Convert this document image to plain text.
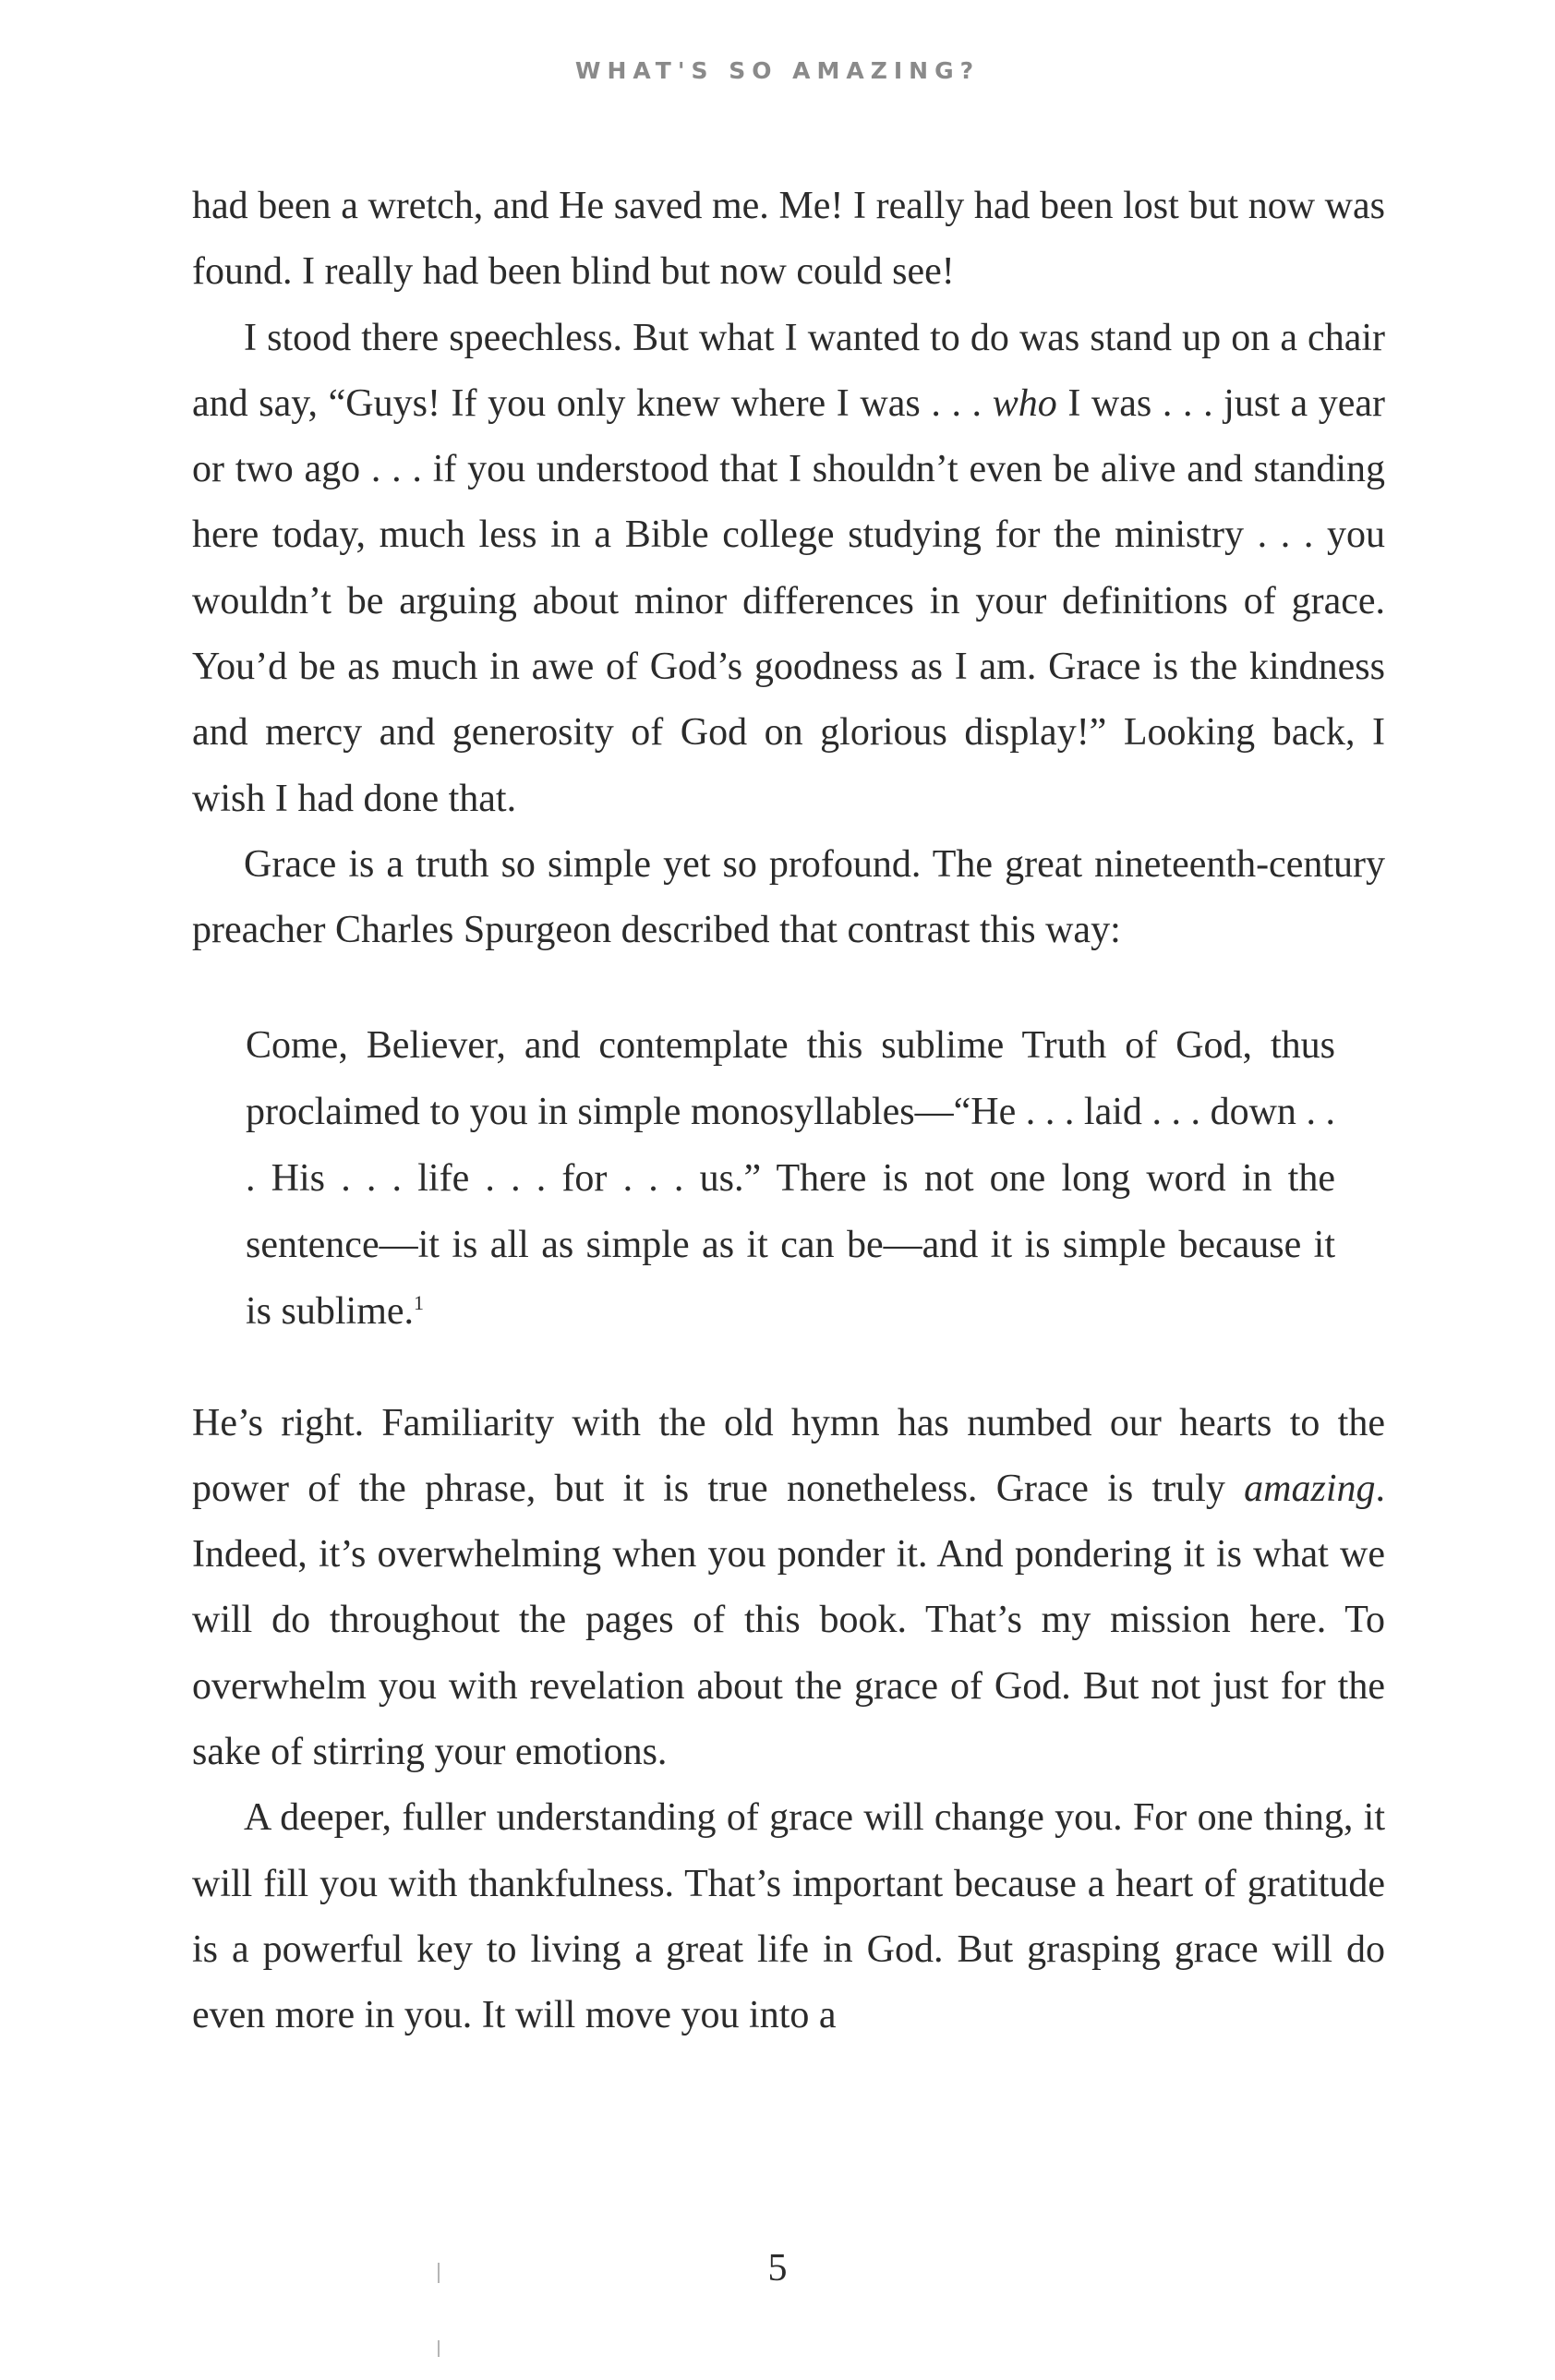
WHAT'S SO AMAZING?

had been a wretch, and He saved me. Me! I really had been lost but now was found. I really had been blind but now could see!

I stood there speechless. But what I wanted to do was stand up on a chair and say, “Guys! If you only knew where I was . . . who I was . . . just a year or two ago . . . if you understood that I shouldn’t even be alive and standing here today, much less in a Bible college studying for the ministry . . . you wouldn’t be arguing about minor differences in your definitions of grace. You’d be as much in awe of God’s goodness as I am. Grace is the kindness and mercy and generosity of God on glorious display!” Looking back, I wish I had done that.

Grace is a truth so simple yet so profound. The great nineteenth-century preacher Charles Spurgeon described that contrast this way:

Come, Believer, and contemplate this sublime Truth of God, thus proclaimed to you in simple monosyllables—“He . . . laid . . . down . . . His . . . life . . . for . . . us.” There is not one long word in the sentence—it is all as simple as it can be—and it is simple because it is sublime.$^1$

He’s right. Familiarity with the old hymn has numbed our hearts to the power of the phrase, but it is true nonetheless. Grace is truly amazing. Indeed, it’s overwhelming when you ponder it. And pondering it is what we will do throughout the pages of this book. That’s my mission here. To overwhelm you with revelation about the grace of God. But not just for the sake of stirring your emotions.

A deeper, fuller understanding of grace will change you. For one thing, it will fill you with thankfulness. That’s important because a heart of gratitude is a powerful key to living a great life in God. But grasping grace will do even more in you. It will move you into a

5
